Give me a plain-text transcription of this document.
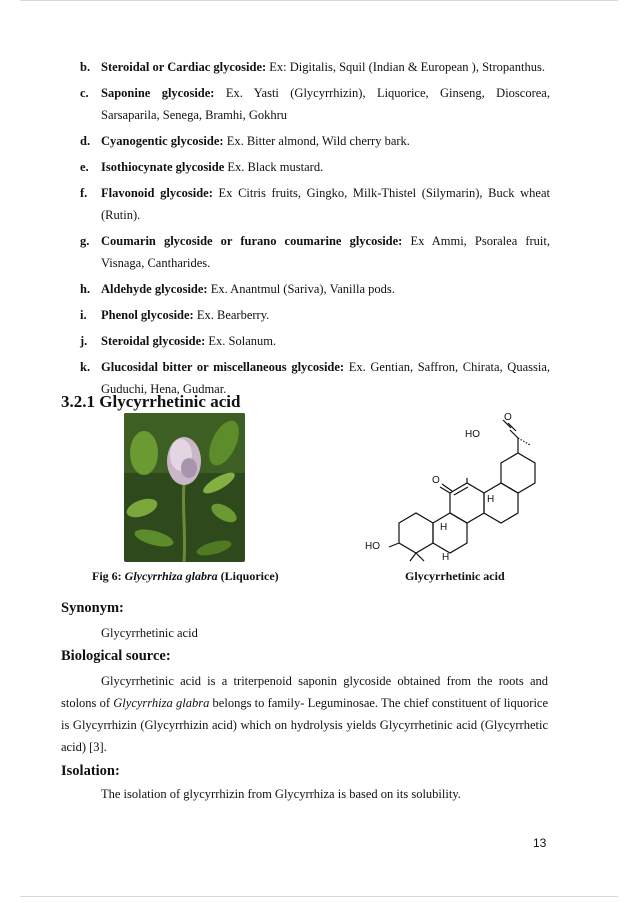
b. Steroidal or Cardiac glycoside: Ex: Digitalis, Squil (Indian & European ), Stropanthus.
c. Saponine glycoside: Ex. Yasti (Glycyrrhizin), Liquorice, Ginseng, Dioscorea, Sarsaparila, Senega, Bramhi, Gokhru
d. Cyanogentic glycoside: Ex. Bitter almond, Wild cherry bark.
e. Isothiocynate glycoside Ex. Black mustard.
f.	Flavonoid glycoside: Ex Citris fruits, Gingko, Milk-Thistel (Silymarin), Buck wheat (Rutin).
g. Coumarin glycoside or furano coumarine glycoside: Ex Ammi, Psoralea fruit, Visnaga, Cantharides.
h. Aldehyde glycoside: Ex. Anantmul (Sariva), Vanilla pods.
i.	Phenol glycoside: Ex. Bearberry.
j.	Steroidal glycoside: Ex. Solanum.
k. Glucosidal bitter or miscellaneous glycoside: Ex. Gentian, Saffron, Chirata, Quassia, Guduchi, Hena, Gudmar.
3.2.1 Glycyrrhetinic acid
Fig 6: Glycyrrhiza glabra (Liquorice)
HO
O
O
H
H
H
HO
Glycyrrhetinic acid
Synonym:

Glycyrrhetinic acid

Biological source:

Glycyrrhetinic acid is a triterpenoid saponin glycoside obtained from the roots and stolons of Glycyrrhiza glabra belongs to family- Leguminosae. The chief constituent of liquorice is Glycyrrhizin (Glycyrrhizin acid) which on hydrolysis yields Glycyrrhetinic acid (Glycyrrhetic acid) [3].

Isolation:

The isolation of glycyrrhizin from Glycyrrhiza is based on its solubility.

13
